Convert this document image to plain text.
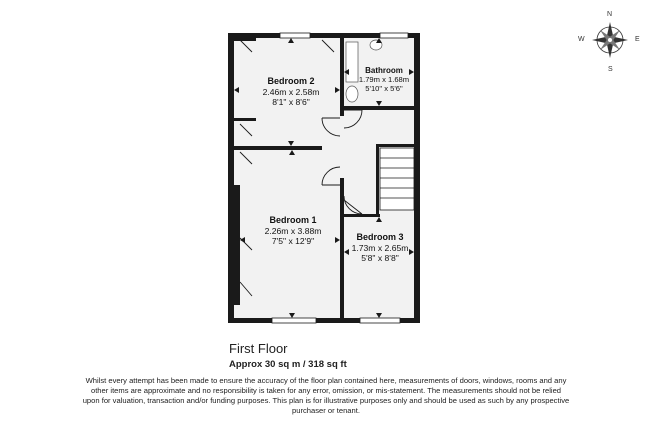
N
S
E
W
Bedroom 2
2.46m x 2.58m
8'1" x 8'6"
Bathroom
1.79m x 1.68m
5'10" x 5'6"
Bedroom 1
2.26m x 3.88m
7'5" x 12'9"	Bedroom 3
1.73m x 2.65m
5'8" x 8'8"
First Floor
Approx 30 sq m / 318 sq ft
Whilst every attempt has been made to ensure the accuracy of the floor plan contained here, measurements of doors, windows, rooms and any other items are approximate and no responsibility is taken for any error, omission, or mis-statement. The measurements should not be relied upon for valuation, transaction and/or funding purposes. This plan is for illustrative purposes only and should be used as such by any prospective purchaser or tenant.
